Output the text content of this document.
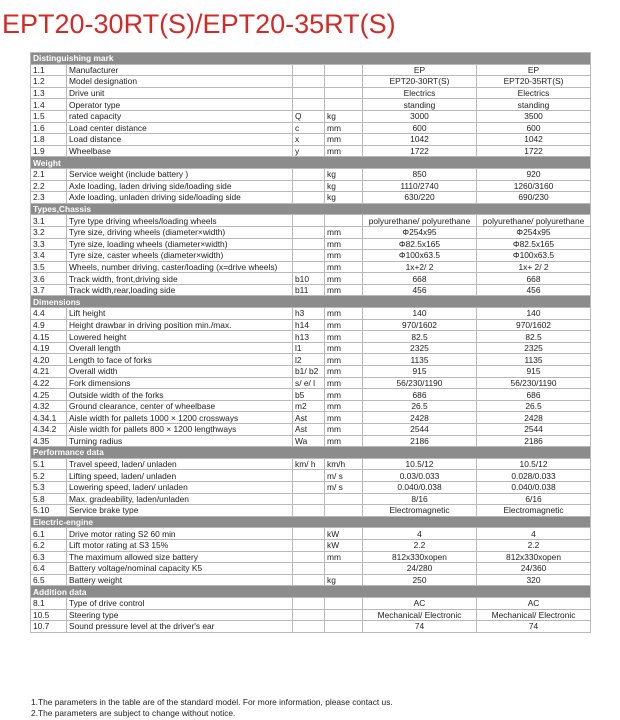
EPT20-30RT(S)/EPT20-35RT(S)
Distinguishing mark					
1.1	Manufacturer			EP	EP
1.2	Model designation			EPT20-30RT(S)	EPT20-35RT(S)
1.3	Drive unit			Electrics	Electrics
1.4	Operator type			standing	standing
1.5	rated capacity	Q	kg	3000	3500
1.6	Load center distance	c	mm	600	600
1.8	Load distance	x	mm	1042	1042
1.9	Wheelbase	y	mm	1722	1722
Weight					
2.1	Service weight (include battery )		kg	850	920
2.2	Axle loading, laden driving side/loading side		kg	1110/2740	1260/3160
2.3	Axle loading, unladen driving side/loading side		kg	630/220	690/230
Types,Chassis					
3.1	Tyre type driving wheels/loading wheels			polyurethane/ polyurethane	polyurethane/ polyurethane
3.2	Tyre size, driving wheels (diameter×width)		mm	Φ254x95	Φ254x95
3.3	Tyre size, loading wheels (diameter×width)		mm	Φ82.5x165	Φ82.5x165
3.4	Tyre size, caster wheels (diameter×width)		mm	Φ100x63.5	Φ100x63.5
3.5	Wheels, number driving, caster/loading (x=drive wheels)		mm	1x+2/ 2	1x+ 2/ 2
3.6	Track width, front,driving side	b10	mm	668	668
3.7	Track width,rear,loading side	b11	mm	456	456
Dimensions					
4.4	Lift height	h3	mm	140	140
4.9	Height drawbar in driving position min./max.	h14	mm	970/1602	970/1602
4.15	Lowered height	h13	mm	82.5	82.5
4.19	Overall length	l1	mm	2325	2325
4.20	Length to face of forks	l2	mm	1135	1135
4.21	Overall width	b1/ b2	mm	915	915
4.22	Fork dimensions	s/ e/ l	mm	56/230/1190	56/230/1190
4.25	Outside width of the forks	b5	mm	686	686
4.32	Ground clearance, center of wheelbase	m2	mm	26.5	26.5
4.34.1	Aisle width for pallets 1000 × 1200 crossways	Ast	mm	2428	2428
4.34.2	Aisle width for pallets 800 × 1200 lengthways	Ast	mm	2544	2544
4.35	Turning radius	Wa	mm	2186	2186
Performance data					
5.1	Travel speed, laden/ unladen	km/ h	km/h	10.5/12	10.5/12
5.2	Lifting speed, laden/ unladen		m/ s	0.03/0.033	0.028/0.033
5.3	Lowering speed, laden/ unladen		m/ s	0.040/0.038	0.040/0.038
5.8	Max. gradeability, laden/unladen			8/16	6/16
5.10	Service brake type			Electromagnetic	Electromagnetic
Electric-engine					
6.1	Drive motor rating S2 60 min		kW	4	4
6.2	Lift motor rating at S3 15%		kW	2.2	2.2
6.3	The maximum allowed size battery		mm	812x330xopen	812x330xopen
6.4	Battery voltage/nominal capacity K5			24/280	24/360
6.5	Battery weight		kg	250	320
Addition data					
8.1	Type of drive control			AC	AC
10.5	Steering type			Mechanical/ Electronic	Mechanical/ Electronic
10.7	Sound pressure level at the driver's ear			74	74
1.The parameters in the table are of the standard model. For more information, please contact us.
2.The parameters are subject to change without notice.
